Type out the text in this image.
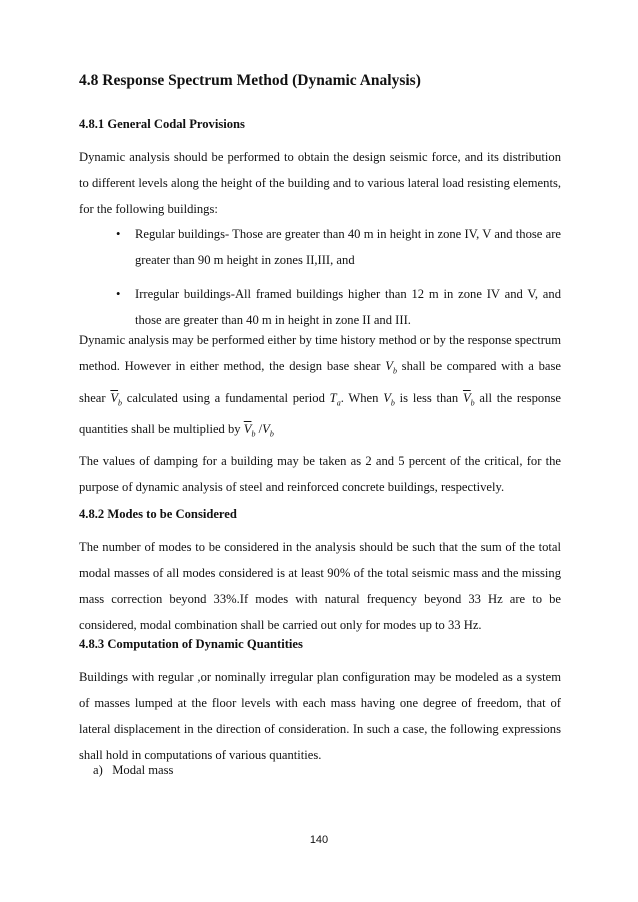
4.8 Response Spectrum Method (Dynamic Analysis)
4.8.1 General Codal Provisions
Dynamic analysis should be performed to obtain the design seismic force, and its distribution to different levels along the height of the building and to various lateral load resisting elements, for the following buildings:
• Regular buildings- Those are greater than 40 m in height in zone IV, V and those are greater than 90 m height in zones II,III, and
• Irregular buildings-All framed buildings higher than 12 m in zone IV and V, and those are greater than 40 m in height in zone II and III.
Dynamic analysis may be performed either by time history method or by the response spectrum method. However in either method, the design base shear $V_b$ shall be compared with a base shear $\overline{V}_b$ calculated using a fundamental period $T_a$. When $V_b$ is less than $\overline{V}_b$ all the response quantities shall be multiplied by $\overline{V}_b$ $/V_b$
The values of damping for a building may be taken as 2 and 5 percent of the critical, for the purpose of dynamic analysis of steel and reinforced concrete buildings, respectively.
4.8.2 Modes to be Considered
The number of modes to be considered in the analysis should be such that the sum of the total modal masses of all modes considered is at least 90% of the total seismic mass and the missing mass correction beyond 33%.If modes with natural frequency beyond 33 Hz are to be considered, modal combination shall be carried out only for modes up to 33 Hz.
4.8.3 Computation of Dynamic Quantities
Buildings with regular ,or nominally irregular plan configuration may be modeled as a system of masses lumped at the floor levels with each mass having one degree of freedom, that of lateral displacement in the direction of consideration. In such a case, the following expressions shall hold in computations of various quantities.
a)   Modal mass
140
